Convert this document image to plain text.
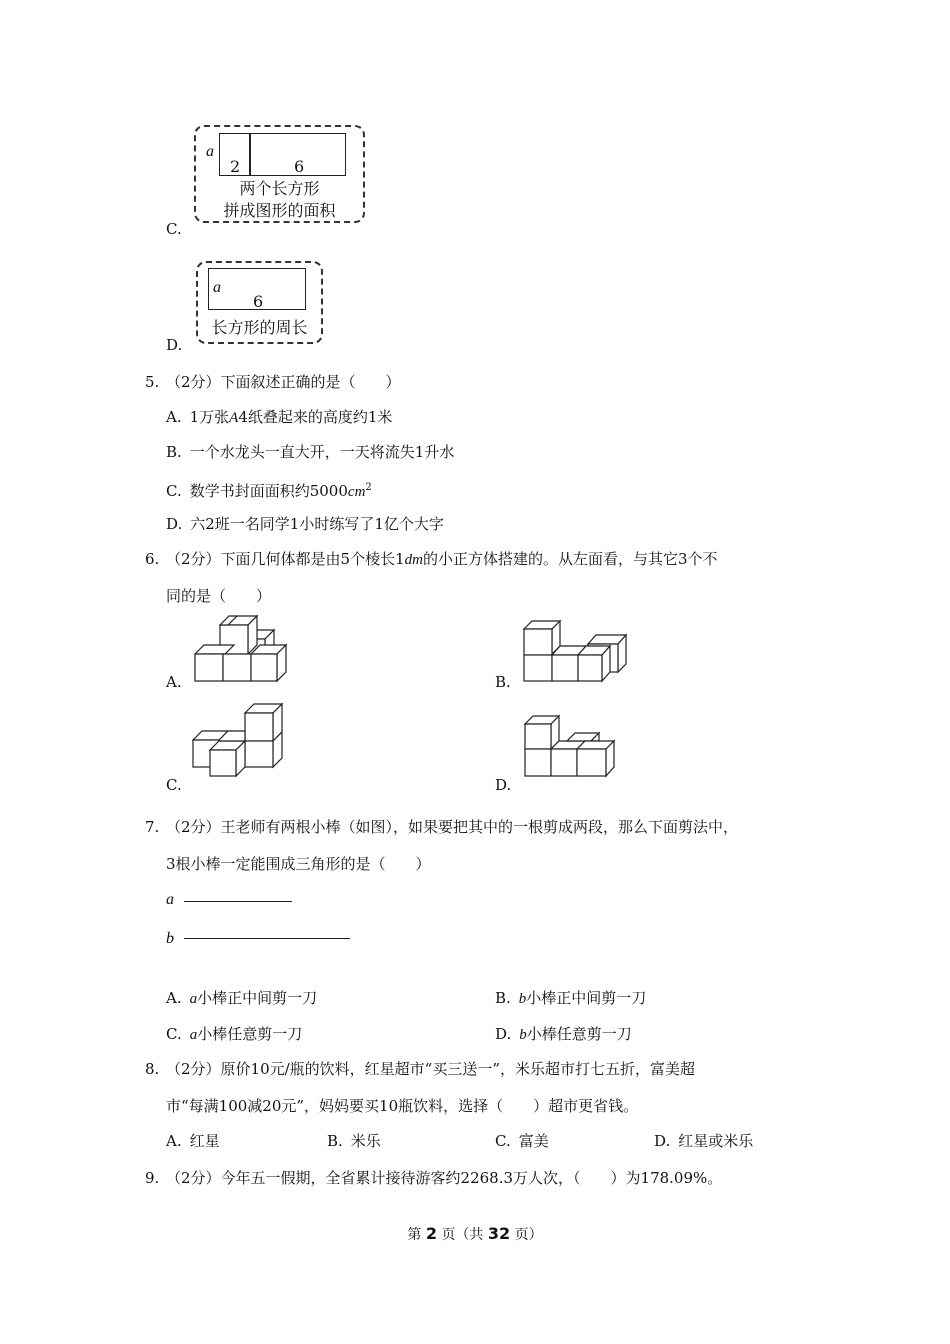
a
2	6
两个长方形
拼成图形的面积
C.
a
6
长方形的周长
D.
5. （2分）下面叙述正确的是（　　）
A. 1万张A4纸叠起来的高度约1米
B. 一个水龙头一直大开，一天将流失1升水
C. 数学书封面面积约$5000cm^2$
D. 六2班一名同学1小时练写了1亿个大字
6. （2分）下面几何体都是由5个棱长1dm的小正方体搭建的。从左面看，与其它3个不
同的是（　　）
A.	B.
C.	D.
7. （2分）王老师有两根小棒（如图），如果要把其中的一根剪成两段，那么下面剪法中，
3根小棒一定能围成三角形的是（　　）
a
b
A. a小棒正中间剪一刀	B. b小棒正中间剪一刀
C. a小棒任意剪一刀	D. b小棒任意剪一刀
8. （2分）原价10元/瓶的饮料，红星超市“买三送一”，米乐超市打七五折，富美超
市“每满100减20元”，妈妈要买10瓶饮料，选择（　　）超市更省钱。
A. 红星	B. 米乐	C. 富美	D. 红星或米乐
9. （2分）今年五一假期，全省累计接待游客约2268.3万人次，（　　）为178.09%。
第 2 页（共 32 页）
